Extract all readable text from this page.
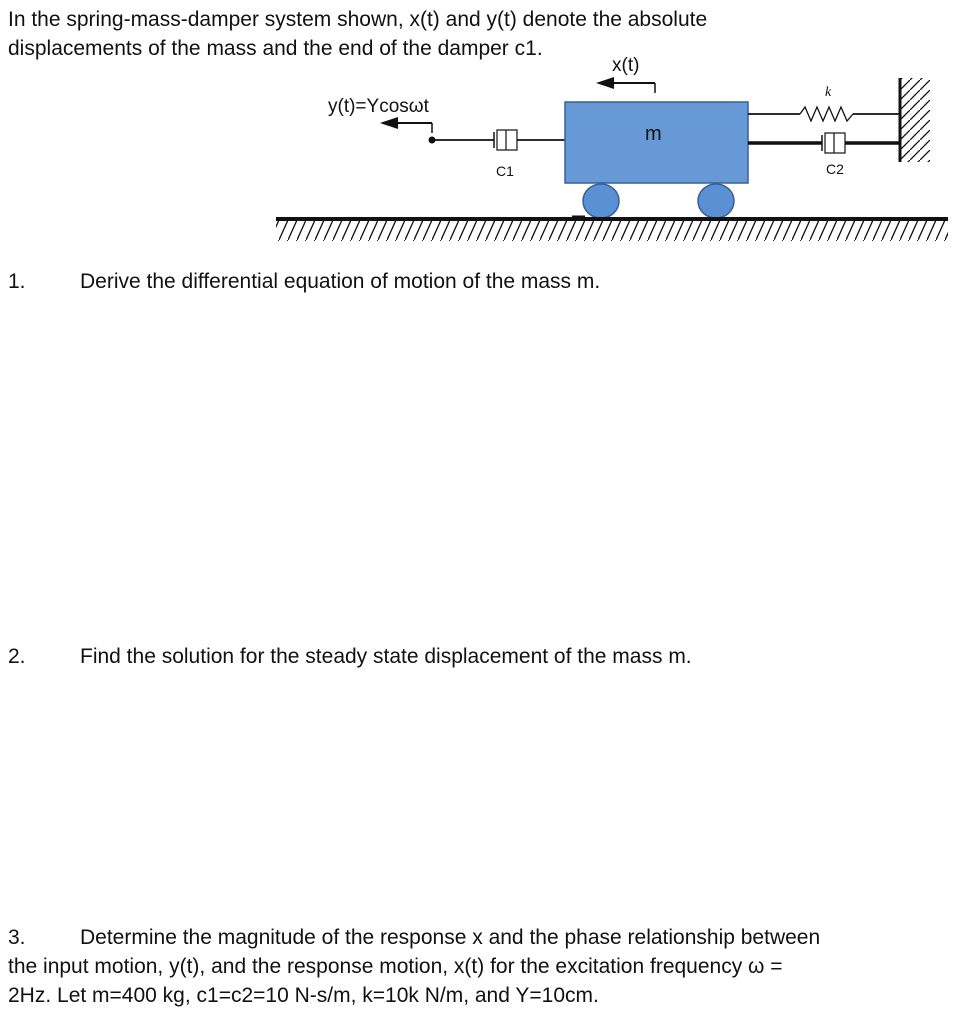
In the spring-mass-damper system shown, x(t) and y(t) denote the absolute
displacements of the mass and the end of the damper c1.

x(t)
y(t)=Ycosωt
C1
m
k
C2

1.	Derive the differential equation of motion of the mass m.

2.	Find the solution for the steady state displacement of the mass m.

3.	Determine the magnitude of the response x and the phase relationship between
the input motion, y(t), and the response motion, x(t) for the excitation frequency ω =
2Hz. Let m=400 kg, c1=c2=10 N-s/m, k=10k N/m, and Y=10cm.
